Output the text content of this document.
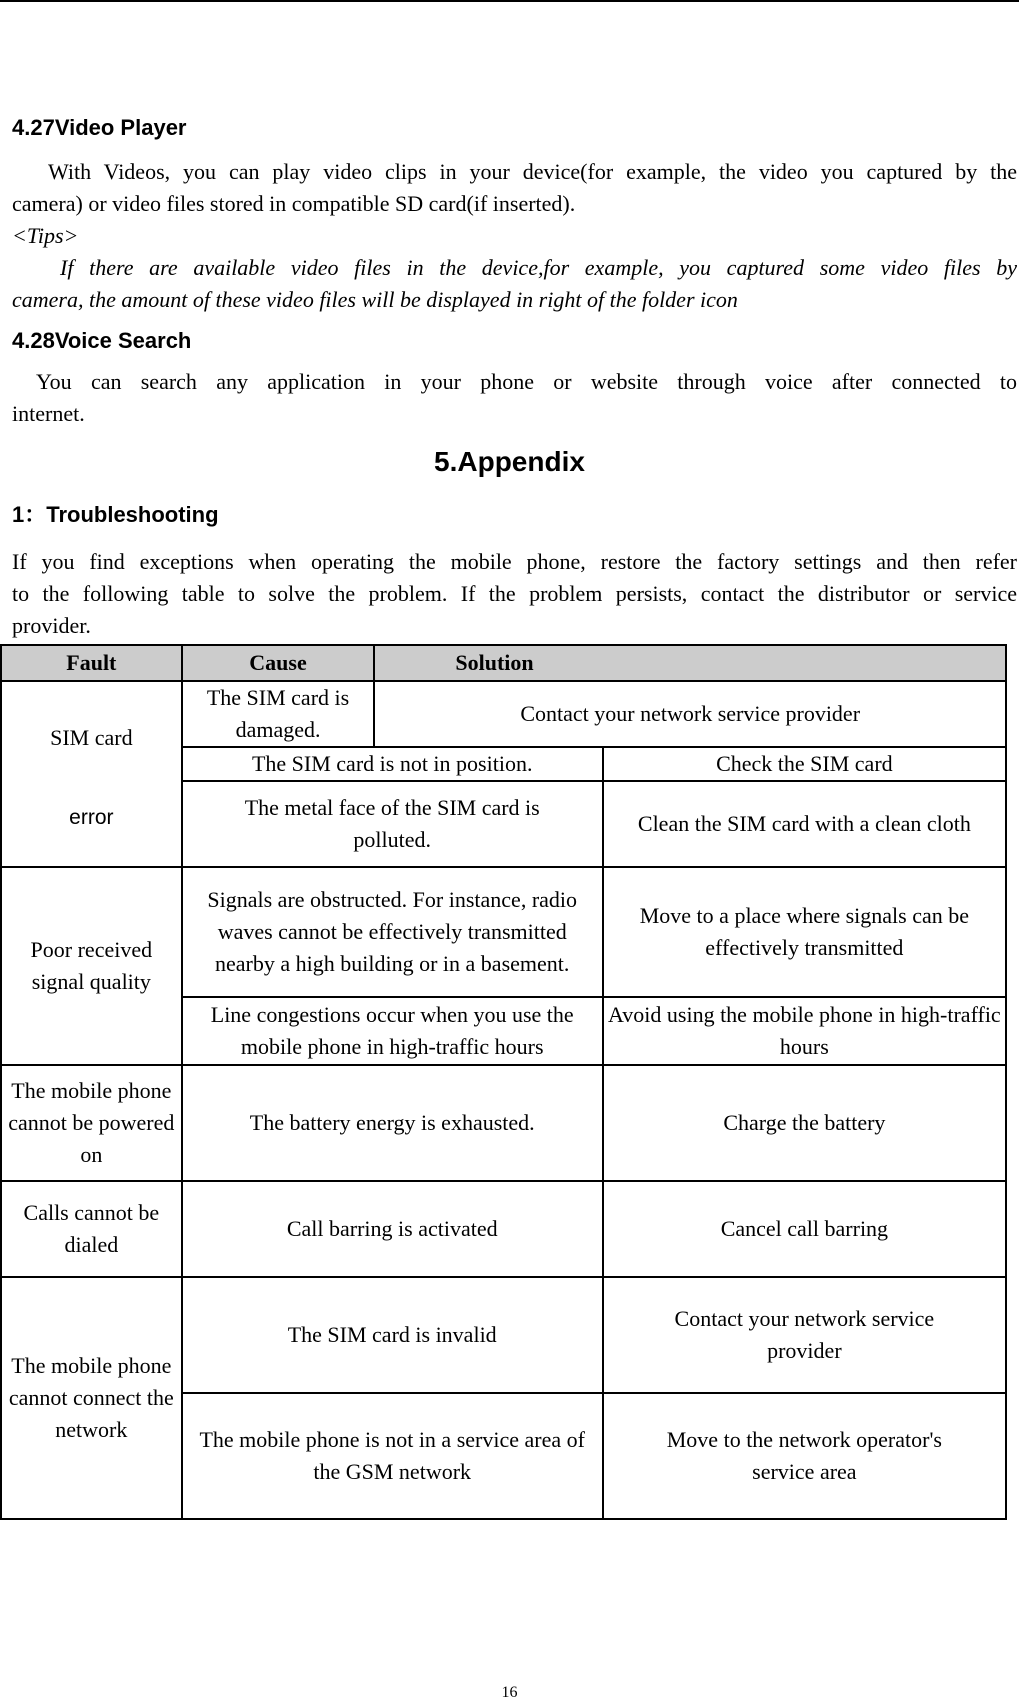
4.27Video Player

With Videos, you can play video clips in your device(for example, the video you captured by the

camera) or video files stored in compatible SD card(if inserted).

<Tips>

If there are available video files in the device,for example, you captured some video files by

camera, the amount of these video files will be displayed in right of the folder icon

4.28Voice Search

You can search any application in your phone or website through voice after connected to

internet.

5.Appendix
1：Troubleshooting

If you find exceptions when operating the mobile phone, restore the factory settings and then refer

to the following table to solve the problem. If the problem persists, contact the distributor or service

provider.

Fault	Cause	Solution	

SIM card
error	The SIM card is damaged.	Contact your network service provider	
	The SIM card is not in position.		Check the SIM card
	The metal face of the SIM card is polluted.		Clean the SIM card with a clean cloth
Poor received signal quality	Signals are obstructed. For instance, radio waves cannot be effectively transmitted nearby a high building or in a basement.		Move to a place where signals can be effectively transmitted
	Line congestions occur when you use the mobile phone in high-traffic hours		Avoid using the mobile phone in high-traffic hours
The mobile phone cannot be powered on	The battery energy is exhausted.		Charge the battery
Calls cannot be dialed	Call barring is activated		Cancel call barring
The mobile phone cannot connect the network	The SIM card is invalid		Contact your network service provider
	The mobile phone is not in a service area of the GSM network		Move to the network operator's service area
16
